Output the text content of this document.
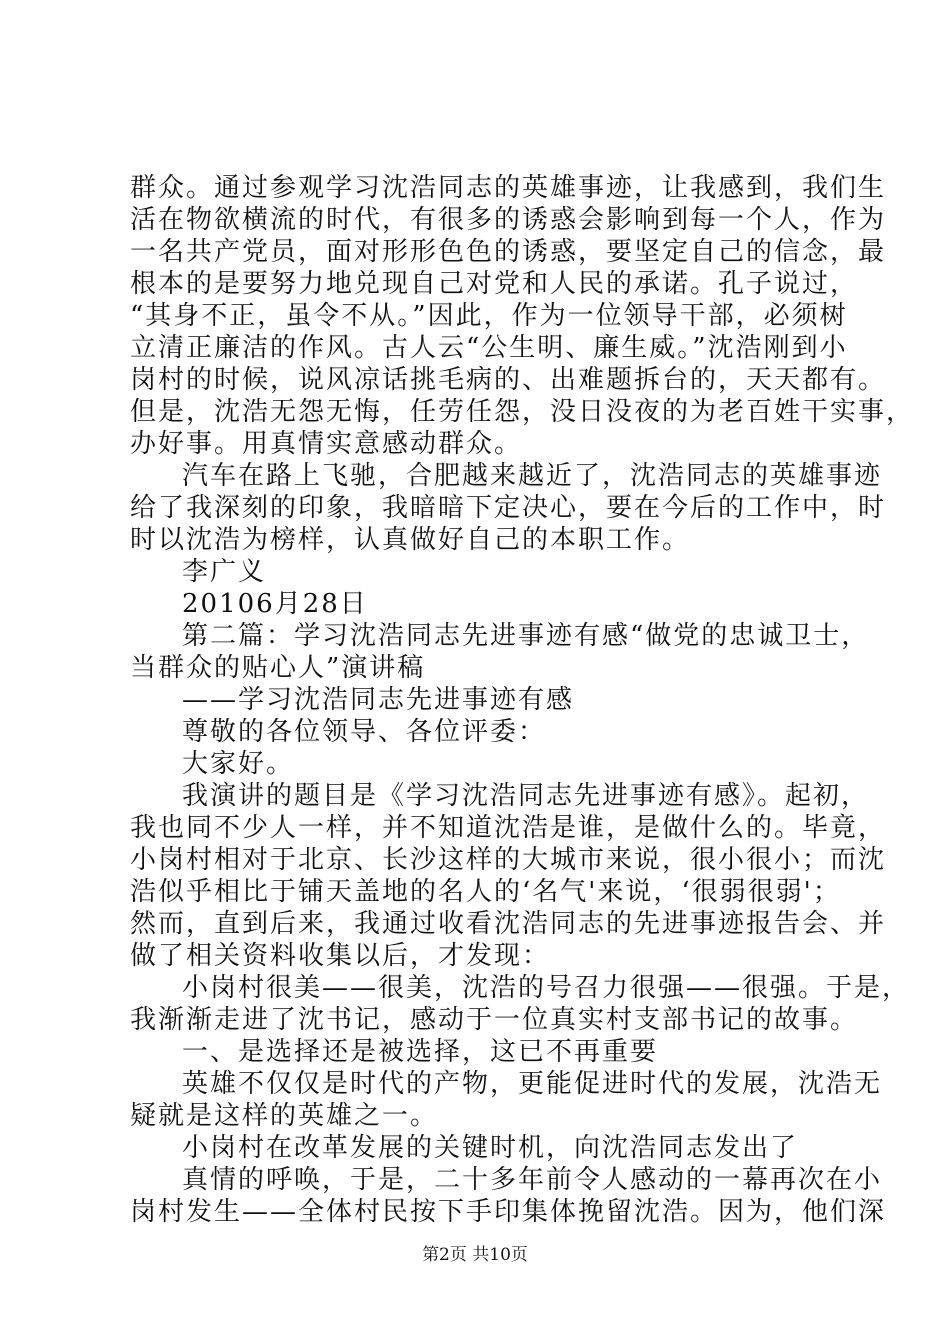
群众。通过参观学习沈浩同志的英雄事迹，让我感到，我们生
活在物欲横流的时代，有很多的诱惑会影响到每一个人，作为
一名共产党员，面对形形色色的诱惑，要坚定自己的信念，最
根本的是要努力地兑现自己对党和人民的承诺。孔子说过，
“其身不正，虽令不从。”因此，作为一位领导干部，必须树
立清正廉洁的作风。古人云“公生明、廉生威。”沈浩刚到小
岗村的时候，说风凉话挑毛病的、出难题拆台的，天天都有。
但是，沈浩无怨无悔，任劳任怨，没日没夜的为老百姓干实事，
办好事。用真情实意感动群众。
汽车在路上飞驰，合肥越来越近了，沈浩同志的英雄事迹
给了我深刻的印象，我暗暗下定决心，要在今后的工作中，时
时以沈浩为榜样，认真做好自己的本职工作。
李广义
20106月28日
第二篇：学习沈浩同志先进事迹有感“做党的忠诚卫士，
当群众的贴心人”演讲稿
——学习沈浩同志先进事迹有感
尊敬的各位领导、各位评委：
大家好。
我演讲的题目是《学习沈浩同志先进事迹有感》。起初，
我也同不少人一样，并不知道沈浩是谁，是做什么的。毕竟，
小岗村相对于北京、长沙这样的大城市来说，很小很小；而沈
浩似乎相比于铺天盖地的名人的‘名气'来说，‘很弱很弱'；
然而，直到后来，我通过收看沈浩同志的先进事迹报告会、并
做了相关资料收集以后，才发现：
小岗村很美——很美，沈浩的号召力很强——很强。于是，
我渐渐走进了沈书记，感动于一位真实村支部书记的故事。
一、是选择还是被选择，这已不再重要
英雄不仅仅是时代的产物，更能促进时代的发展，沈浩无
疑就是这样的英雄之一。
小岗村在改革发展的关键时机，向沈浩同志发出了
真情的呼唤，于是，二十多年前令人感动的一幕再次在小
岗村发生——全体村民按下手印集体挽留沈浩。因为，他们深
第2页 共10页
